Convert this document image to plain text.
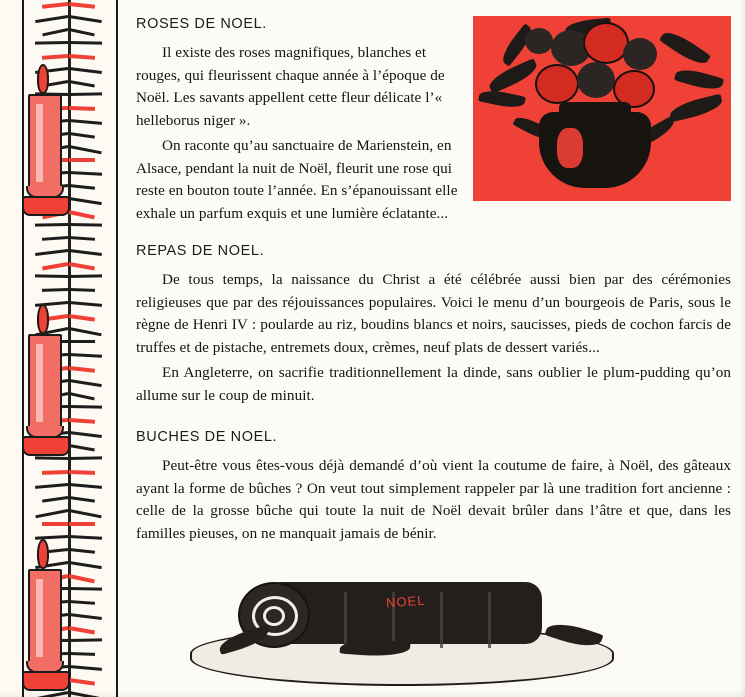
ROSES DE NOEL.

Il existe des roses magnifiques, blanches et rouges, qui fleurissent chaque année à l’époque de Noël. Les savants appellent cette fleur délicate l’« helleborus niger ».

On raconte qu’au sanctuaire de Marienstein, en Alsace, pendant la nuit de Noël, fleurit une rose qui reste en bouton toute l’année. En s’épanouissant elle exhale un parfum exquis et une lumière éclatante...

REPAS DE NOEL.

De tous temps, la naissance du Christ a été célébrée aussi bien par des cérémonies religieuses que par des réjouissances populaires. Voici le menu d’un bourgeois de Paris, sous le règne de Henri IV : poularde au riz, boudins blancs et noirs, saucisses, pieds de cochon farcis de truffes et de pistache, entremets doux, crèmes, neuf plats de dessert variés...

En Angleterre, on sacrifie traditionnellement la dinde, sans oublier le plum-pudding qu’on allume sur le coup de minuit.

BUCHES DE NOEL.

Peut-être vous êtes-vous déjà demandé d’où vient la coutume de faire, à Noël, des gâteaux ayant la forme de bûches ? On veut tout simplement rappeler par là une tradition fort ancienne : celle de la grosse bûche qui toute la nuit de Noël devait brûler dans l’âtre et que, dans les familles pieuses, on ne manquait jamais de bénir.

NOEL
